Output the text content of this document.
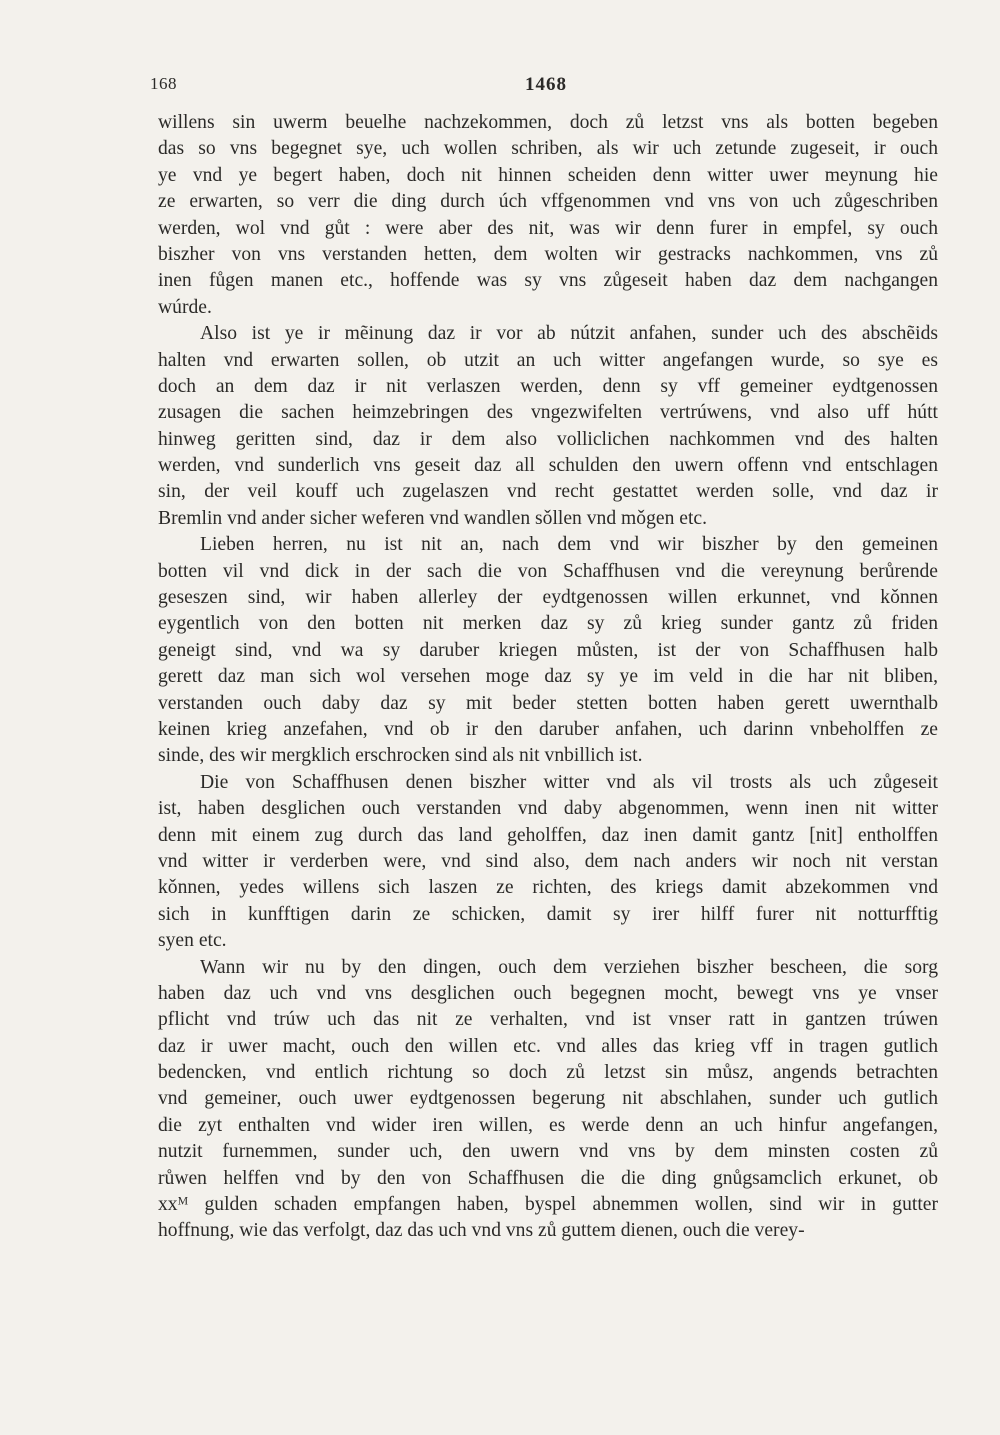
168	1468
willens sin uwerm beuelhe nachzekommen, doch zů letzst vns als botten begeben
das so vns begegnet sye, uch wollen schriben, als wir uch zetunde zugeseit, ir ouch
ye vnd ye begert haben, doch nit hinnen scheiden denn witter uwer meynung hie
ze erwarten, so verr die ding durch úch vffgenommen vnd vns von uch zůgeschriben
werden, wol vnd gůt : were aber des nit, was wir denn furer in empfel, sy ouch
biszher von vns verstanden hetten, dem wolten wir gestracks nachkommen, vns zů
inen fůgen manen etc., hoffende was sy vns zůgeseit haben daz dem nachgangen
wúrde.
Also ist ye ir mẽinung daz ir vor ab nútzit anfahen, sunder uch des abschẽids
halten vnd erwarten sollen, ob utzit an uch witter angefangen wurde, so sye es
doch an dem daz ir nit verlaszen werden, denn sy vff gemeiner eydtgenossen
zusagen die sachen heimzebringen des vngezwifelten vertrúwens, vnd also uff hútt
hinweg geritten sind, daz ir dem also volliclichen nachkommen vnd des halten
werden, vnd sunderlich vns geseit daz all schulden den uwern offenn vnd entschlagen
sin, der veil kouff uch zugelaszen vnd recht gestattet werden solle, vnd daz ir
Bremlin vnd ander sicher weferen vnd wandlen sǒllen vnd mǒgen etc.
Lieben herren, nu ist nit an, nach dem vnd wir biszher by den gemeinen
botten vil vnd dick in der sach die von Schaffhusen vnd die vereynung berůrende
geseszen sind, wir haben allerley der eydtgenossen willen erkunnet, vnd kǒnnen
eygentlich von den botten nit merken daz sy zů krieg sunder gantz zů friden
geneigt sind, vnd wa sy daruber kriegen můsten, ist der von Schaffhusen halb
gerett daz man sich wol versehen moge daz sy ye im veld in die har nit bliben,
verstanden ouch daby daz sy mit beder stetten botten haben gerett uwernthalb
keinen krieg anzefahen, vnd ob ir den daruber anfahen, uch darinn vnbeholffen ze
sinde, des wir mergklich erschrocken sind als nit vnbillich ist.
Die von Schaffhusen denen biszher witter vnd als vil trosts als uch zůgeseit
ist, haben desglichen ouch verstanden vnd daby abgenommen, wenn inen nit witter
denn mit einem zug durch das land geholffen, daz inen damit gantz [nit] entholffen
vnd witter ir verderben were, vnd sind also, dem nach anders wir noch nit verstan
kǒnnen, yedes willens sich laszen ze richten, des kriegs damit abzekommen vnd
sich in kunfftigen darin ze schicken, damit sy irer hilff furer nit notturfftig
syen etc.
Wann wir nu by den dingen, ouch dem verziehen biszher bescheen, die sorg
haben daz uch vnd vns desglichen ouch begegnen mocht, bewegt vns ye vnser
pflicht vnd trúw uch das nit ze verhalten, vnd ist vnser ratt in gantzen trúwen
daz ir uwer macht, ouch den willen etc. vnd alles das krieg vff in tragen gutlich
bedencken, vnd entlich richtung so doch zů letzst sin můsz, angends betrachten
vnd gemeiner, ouch uwer eydtgenossen begerung nit abschlahen, sunder uch gutlich
die zyt enthalten vnd wider iren willen, es werde denn an uch hinfur angefangen,
nutzit furnemmen, sunder uch, den uwern vnd vns by dem minsten costen zů
růwen helffen vnd by den von Schaffhusen die die ding gnůgsamclich erkunet, ob
xxᴹ gulden schaden empfangen haben, byspel abnemmen wollen, sind wir in gutter
hoffnung, wie das verfolgt, daz das uch vnd vns zů guttem dienen, ouch die verey-
